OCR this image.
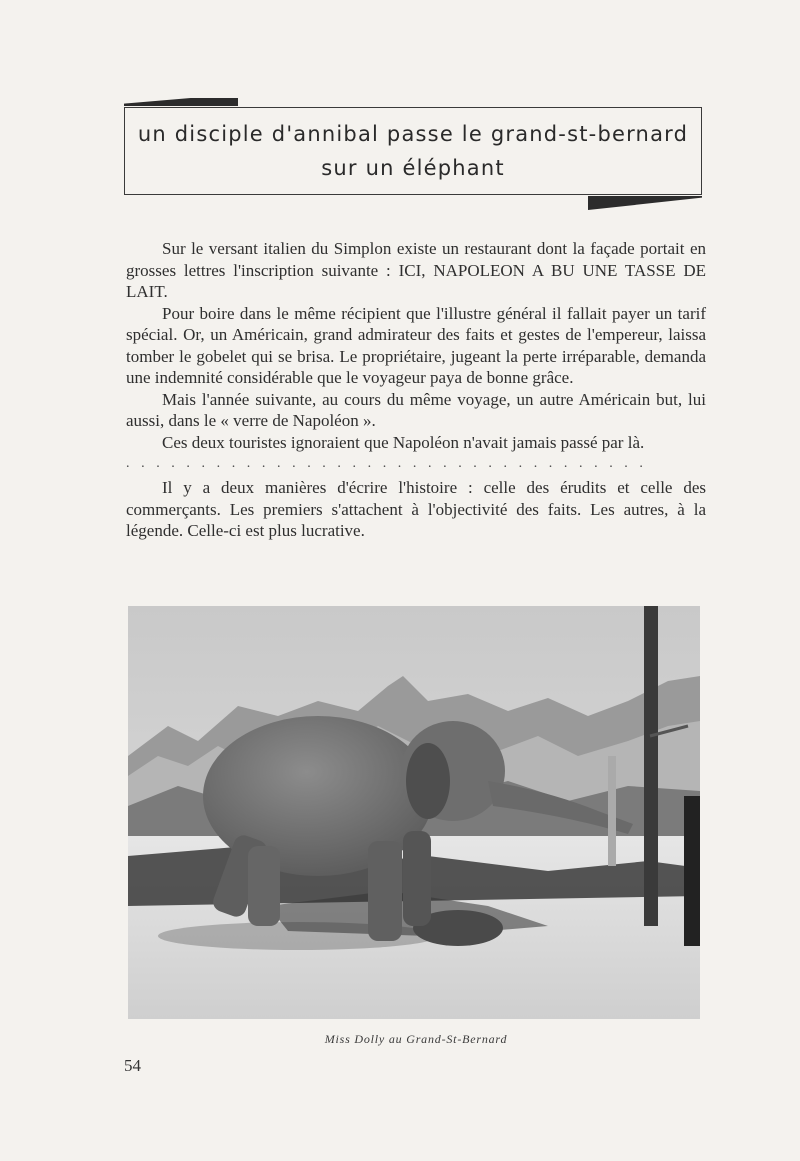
un disciple d'annibal passe le grand-st-bernard
sur un éléphant

Sur le versant italien du Simplon existe un restaurant dont la façade portait en grosses lettres l'inscription suivante : ICI, NAPOLEON A BU UNE TASSE DE LAIT.

Pour boire dans le même récipient que l'illustre général il fallait payer un tarif spécial. Or, un Américain, grand admirateur des faits et gestes de l'empereur, laissa tomber le gobelet qui se brisa. Le propriétaire, jugeant la perte irréparable, demanda une indemnité considérable que le voyageur paya de bonne grâce.

Mais l'année suivante, au cours du même voyage, un autre Américain but, lui aussi, dans le « verre de Napoléon ».

Ces deux touristes ignoraient que Napoléon n'avait jamais passé par là.

...................................

Il y a deux manières d'écrire l'histoire : celle des érudits et celle des commerçants. Les premiers s'attachent à l'objectivité des faits. Les autres, à la légende. Celle-ci est plus lucrative.

Miss Dolly au Grand-St-Bernard
54
